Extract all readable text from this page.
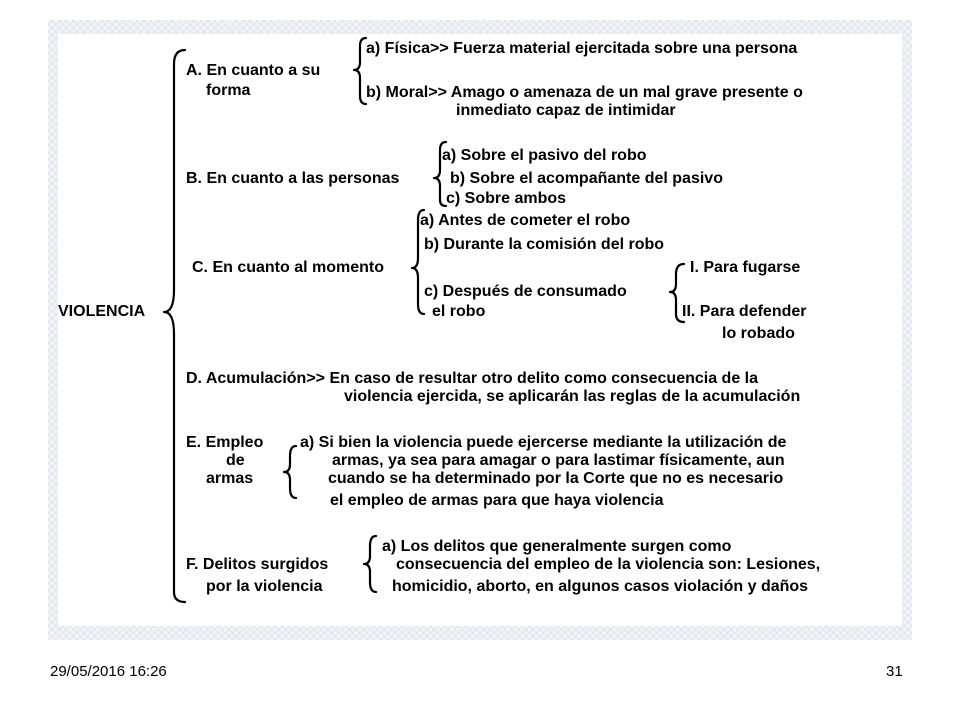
VIOLENCIA
A. En cuanto a su
forma
a) Física>> Fuerza material ejercitada sobre una persona
b) Moral>> Amago o amenaza de un mal grave presente o
inmediato capaz de intimidar
B. En cuanto a las personas
a) Sobre el pasivo del robo
b) Sobre el acompañante del pasivo
c) Sobre ambos
C. En cuanto al momento
a) Antes de cometer el robo
b) Durante la comisión del robo
c) Después de consumado
el robo
I. Para fugarse
II. Para defender
lo robado
D. Acumulación>> En caso de resultar otro delito como consecuencia de la
violencia ejercida, se aplicarán las reglas de la acumulación
E. Empleo
de
armas
a) Si bien la violencia puede ejercerse mediante la utilización de
armas, ya sea para amagar o para lastimar físicamente, aun
cuando se ha determinado por la Corte que no es necesario
el empleo de armas para que haya violencia
a) Los delitos que generalmente surgen como
F. Delitos surgidos
por la violencia
consecuencia del empleo de la violencia son: Lesiones,
homicidio, aborto, en algunos casos violación y daños
29/05/2016 16:26	31
